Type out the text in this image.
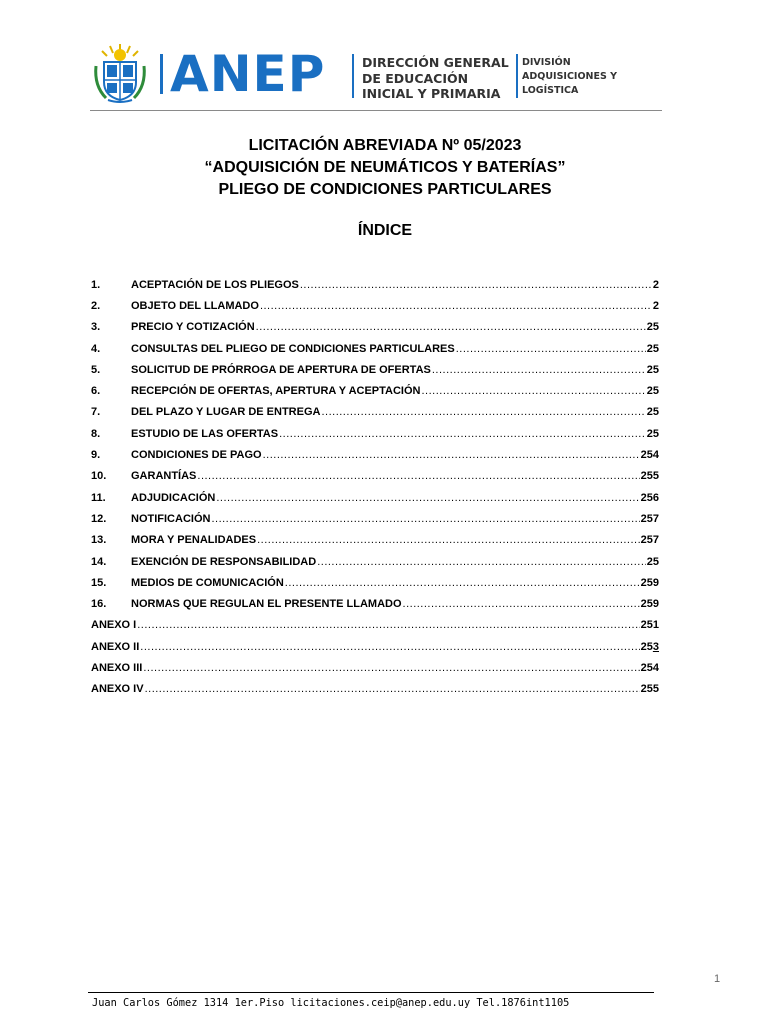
ANEP	DIRECCIÓN GENERAL
DE EDUCACIÓN
INICIAL Y PRIMARIA
DIVISIÓN
ADQUISICIONES Y
LOGÍSTICA
LICITACIÓN ABREVIADA Nº 05/2023
“ADQUISICIÓN DE NEUMÁTICOS Y BATERÍAS”
PLIEGO DE CONDICIONES PARTICULARES
ÍNDICE
1.	ACEPTACIÓN DE LOS PLIEGOS .....	2
2.	OBJETO DEL LLAMADO .....	2
3.	PRECIO Y COTIZACIÓN .....	25
4.	CONSULTAS DEL PLIEGO DE CONDICIONES PARTICULARES .....	25
5.	SOLICITUD DE PRÓRROGA DE APERTURA DE OFERTAS .....	25
6.	RECEPCIÓN DE OFERTAS, APERTURA Y ACEPTACIÓN .....	25
7.	DEL PLAZO Y LUGAR DE ENTREGA .....	25
8.	ESTUDIO DE LAS OFERTAS .....	25
9.	CONDICIONES DE PAGO .....	254
10.	GARANTÍAS .....	255
11.	ADJUDICACIÓN .....	256
12.	NOTIFICACIÓN .....	257
13.	MORA Y PENALIDADES .....	257
14.	EXENCIÓN DE RESPONSABILIDAD .....	25
15.	MEDIOS DE COMUNICACIÓN .....	259
16.	NORMAS QUE REGULAN EL PRESENTE LLAMADO .....	259
ANEXO I .....	251
ANEXO II .....	253
ANEXO III .....	254
ANEXO IV .....	255
1
Juan Carlos Gómez 1314 1er.Piso licitaciones.ceip@anep.edu.uy Tel.1876int1105
